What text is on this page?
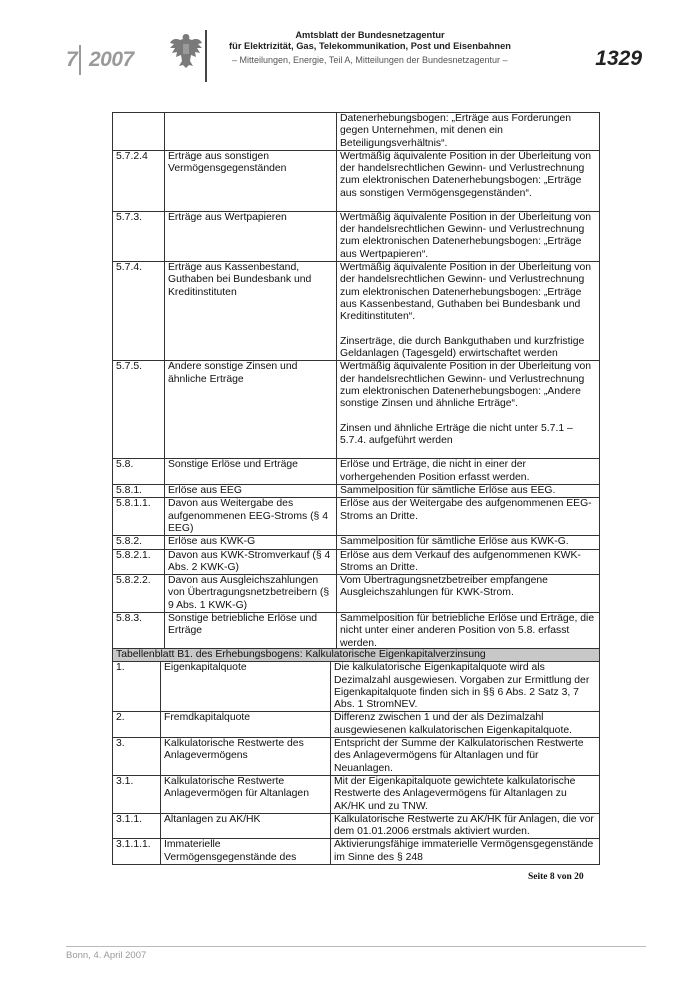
7 2007
Amtsblatt der Bundesnetzagentur
für Elektrizität, Gas, Telekommunikation, Post und Eisenbahnen
– Mitteilungen, Energie, Teil A, Mitteilungen der Bundesnetzagentur –	1329
		Datenerhebungsbogen: „Erträge aus Forderungen gegen Unternehmen, mit denen ein Beteiligungsverhältnis“.
5.7.2.4	Erträge aus sonstigen Vermögensgegenständen	Wertmäßig äquivalente Position in der Überleitung von der handelsrechtlichen Gewinn- und Verlustrechnung zum elektronischen Datenerhebungsbogen: „Erträge aus sonstigen Vermögensgegenständen“.
5.7.3.	Erträge aus Wertpapieren	Wertmäßig äquivalente Position in der Überleitung von der handelsrechtlichen Gewinn- und Verlustrechnung zum elektronischen Datenerhebungsbogen: „Erträge aus Wertpapieren“.
5.7.4.	Erträge aus Kassenbestand, Guthaben bei Bundesbank und Kreditinstituten	Wertmäßig äquivalente Position in der Überleitung von der handelsrechtlichen Gewinn- und Verlustrechnung zum elektronischen Datenerhebungsbogen: „Erträge aus Kassenbestand, Guthaben bei Bundesbank und Kreditinstituten“.

Zinserträge, die durch Bankguthaben und kurzfristige Geldanlagen (Tagesgeld) erwirtschaftet werden
5.7.5.	Andere sonstige Zinsen und ähnliche Erträge	Wertmäßig äquivalente Position in der Überleitung von der handelsrechtlichen Gewinn- und Verlustrechnung zum elektronischen Datenerhebungsbogen: „Andere sonstige Zinsen und ähnliche Erträge“.

Zinsen und ähnliche Erträge die nicht unter 5.7.1 – 5.7.4. aufgeführt werden
5.8.	Sonstige Erlöse und Erträge	Erlöse und Erträge, die nicht in einer der vorhergehenden Position erfasst werden.
5.8.1.	Erlöse aus EEG	Sammelposition für sämtliche Erlöse aus EEG.
5.8.1.1.	Davon aus Weitergabe des aufgenommenen EEG-Stroms (§ 4 EEG)	Erlöse aus der Weitergabe des aufgenommenen EEG-Stroms an Dritte.
5.8.2.	Erlöse aus KWK-G	Sammelposition für sämtliche Erlöse aus KWK-G.
5.8.2.1.	Davon aus KWK-Stromverkauf (§ 4 Abs. 2 KWK-G)	Erlöse aus dem Verkauf des aufgenommenen KWK-Stroms an Dritte.
5.8.2.2.	Davon aus Ausgleichszahlungen von Übertragungsnetzbetreibern (§ 9 Abs. 1 KWK-G)	Vom Übertragungsnetzbetreiber empfangene Ausgleichszahlungen für KWK-Strom.
5.8.3.	Sonstige betriebliche Erlöse und Erträge	Sammelposition für betriebliche Erlöse und Erträge, die nicht unter einer anderen Position von 5.8. erfasst werden.
Tabellenblatt B1. des Erhebungsbogens: Kalkulatorische Eigenkapitalverzinsung		
1.	Eigenkapitalquote	Die kalkulatorische Eigenkapitalquote wird als Dezimalzahl ausgewiesen. Vorgaben zur Ermittlung der Eigenkapitalquote finden sich in §§ 6 Abs. 2 Satz 3, 7 Abs. 1 StromNEV.
2.	Fremdkapitalquote	Differenz zwischen 1 und der als Dezimalzahl ausgewiesenen kalkulatorischen Eigenkapitalquote.
3.	Kalkulatorische Restwerte des Anlagevermögens	Entspricht der Summe der Kalkulatorischen Restwerte des Anlagevermögens für Altanlagen und für Neuanlagen.
3.1.	Kalkulatorische Restwerte Anlagevermögen für Altanlagen	Mit der Eigenkapitalquote gewichtete kalkulatorische Restwerte des Anlagevermögens für Altanlagen zu AK/HK und zu TNW.
3.1.1.	Altanlagen zu AK/HK	Kalkulatorische Restwerte zu AK/HK für Anlagen, die vor dem 01.01.2006 erstmals aktiviert wurden.
3.1.1.1.	Immaterielle Vermögensgegenstände des	Aktivierungsfähige immaterielle Vermögensgegenstände im Sinne des § 248
Seite 8 von 20
Bonn, 4. April 2007
